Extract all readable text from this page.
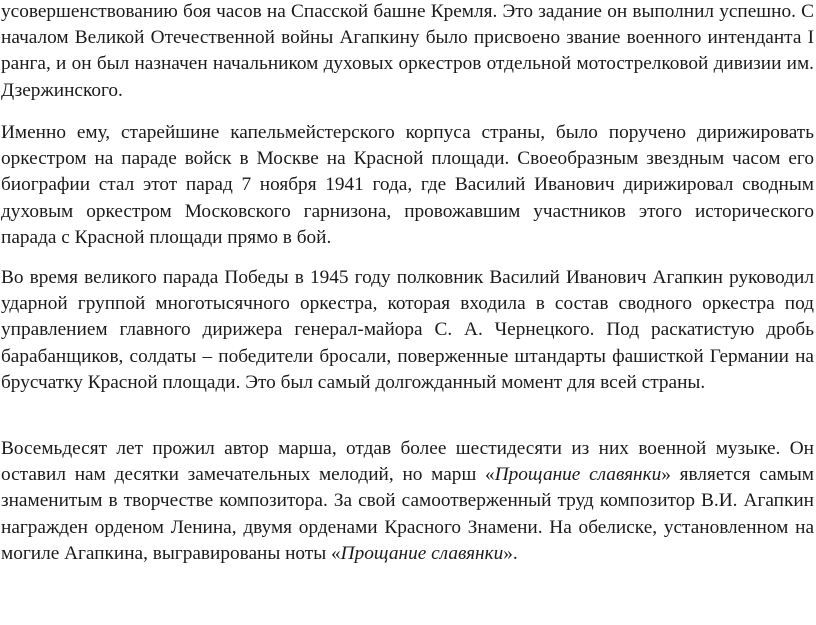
усовершенствованию боя часов на Спасской башне Кремля. Это задание он выполнил успешно. С началом Великой Отечественной войны Агапкину было присвоено звание военного интенданта I ранга, и он был назначен начальником духовых оркестров отдельной мотострелковой дивизии им. Дзержинского.

Именно ему, старейшине капельмейстерского корпуса страны, было поручено дирижировать оркестром на параде войск в Москве на Красной площади. Своеобразным звездным часом его биографии стал этот парад 7 ноября 1941 года, где Василий Иванович дирижировал сводным духовым оркестром Московского гарнизона, провожавшим участников этого исторического парада с Красной площади прямо в бой.

Во время великого парада Победы в 1945 году полковник Василий Иванович Агапкин руководил ударной группой многотысячного оркестра, которая входила в состав сводного оркестра под управлением главного дирижера генерал-майора С. А. Чернецкого. Под раскатистую дробь барабанщиков, солдаты – победители бросали, поверженные штандарты фашисткой Германии на брусчатку Красной площади. Это был самый долгожданный момент для всей страны.

Восемьдесят лет прожил автор марша, отдав более шестидесяти из них военной музыке. Он оставил нам десятки замечательных мелодий, но марш «Прощание славянки» является самым знаменитым в творчестве композитора. За свой самоотверженный труд композитор В.И. Агапкин награжден орденом Ленина, двумя орденами Красного Знамени. На обелиске, установленном на могиле Агапкина, выгравированы ноты «Прощание славянки».
